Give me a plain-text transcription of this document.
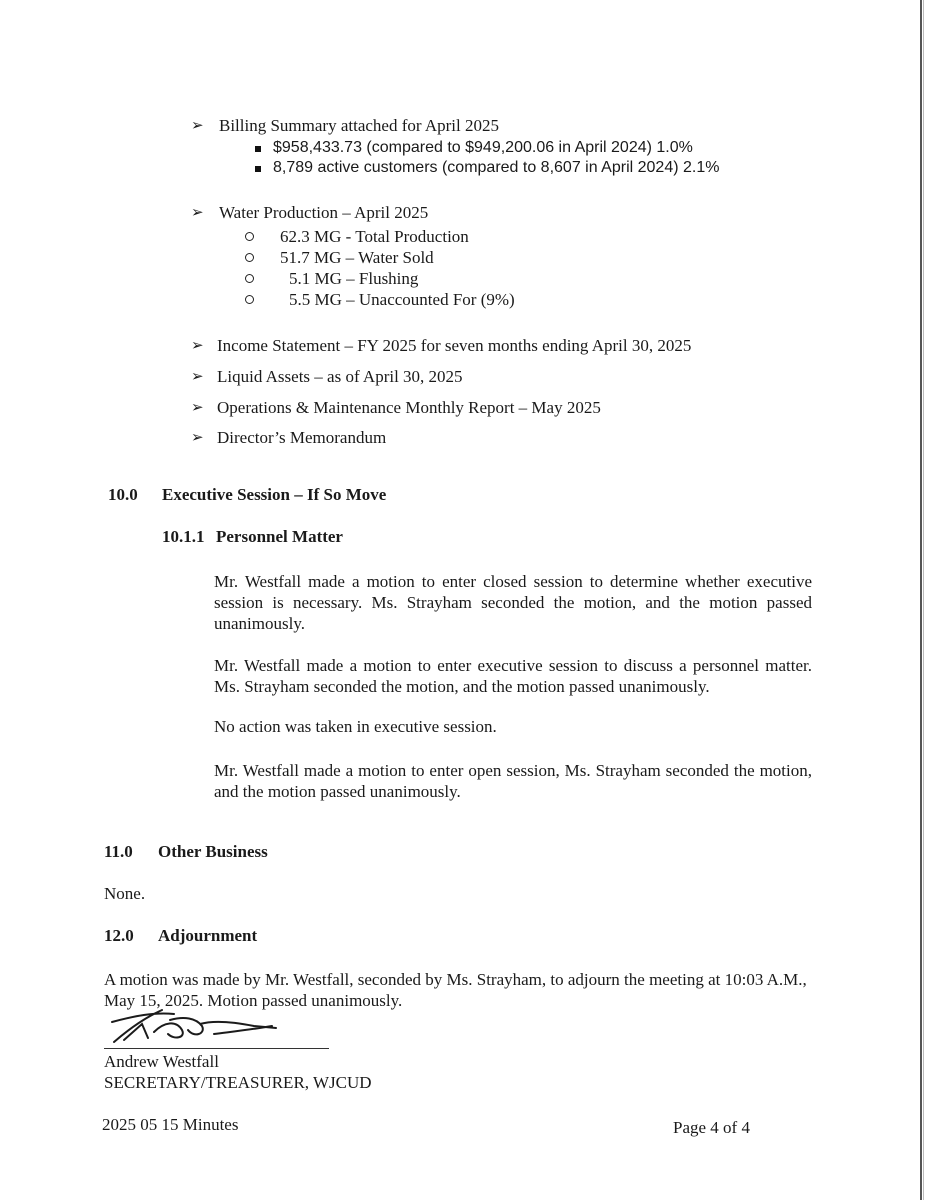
➢ Billing Summary attached for April 2025
$958,433.73 (compared to $949,200.06 in April 2024) 1.0%
8,789 active customers (compared to 8,607 in April 2024) 2.1%
➢ Water Production – April 2025
62.3 MG - Total Production
51.7 MG – Water Sold
5.1 MG – Flushing
5.5 MG – Unaccounted For (9%)
➢ Income Statement – FY 2025 for seven months ending April 30, 2025
➢ Liquid Assets – as of April 30, 2025
➢ Operations & Maintenance Monthly Report – May 2025
➢ Director’s Memorandum
10.0 Executive Session – If So Move
10.1.1 Personnel Matter
Mr. Westfall made a motion to enter closed session to determine whether executive session is necessary. Ms. Strayham seconded the motion, and the motion passed unanimously.
Mr. Westfall made a motion to enter executive session to discuss a personnel matter. Ms. Strayham seconded the motion, and the motion passed unanimously.
No action was taken in executive session.
Mr. Westfall made a motion to enter open session, Ms. Strayham seconded the motion, and the motion passed unanimously.
11.0 Other Business
None.
12.0 Adjournment
A motion was made by Mr. Westfall, seconded by Ms. Strayham, to adjourn the meeting at 10:03 A.M., May 15, 2025. Motion passed unanimously.
Andrew Westfall
SECRETARY/TREASURER, WJCUD
2025 05 15 Minutes	Page 4 of 4
